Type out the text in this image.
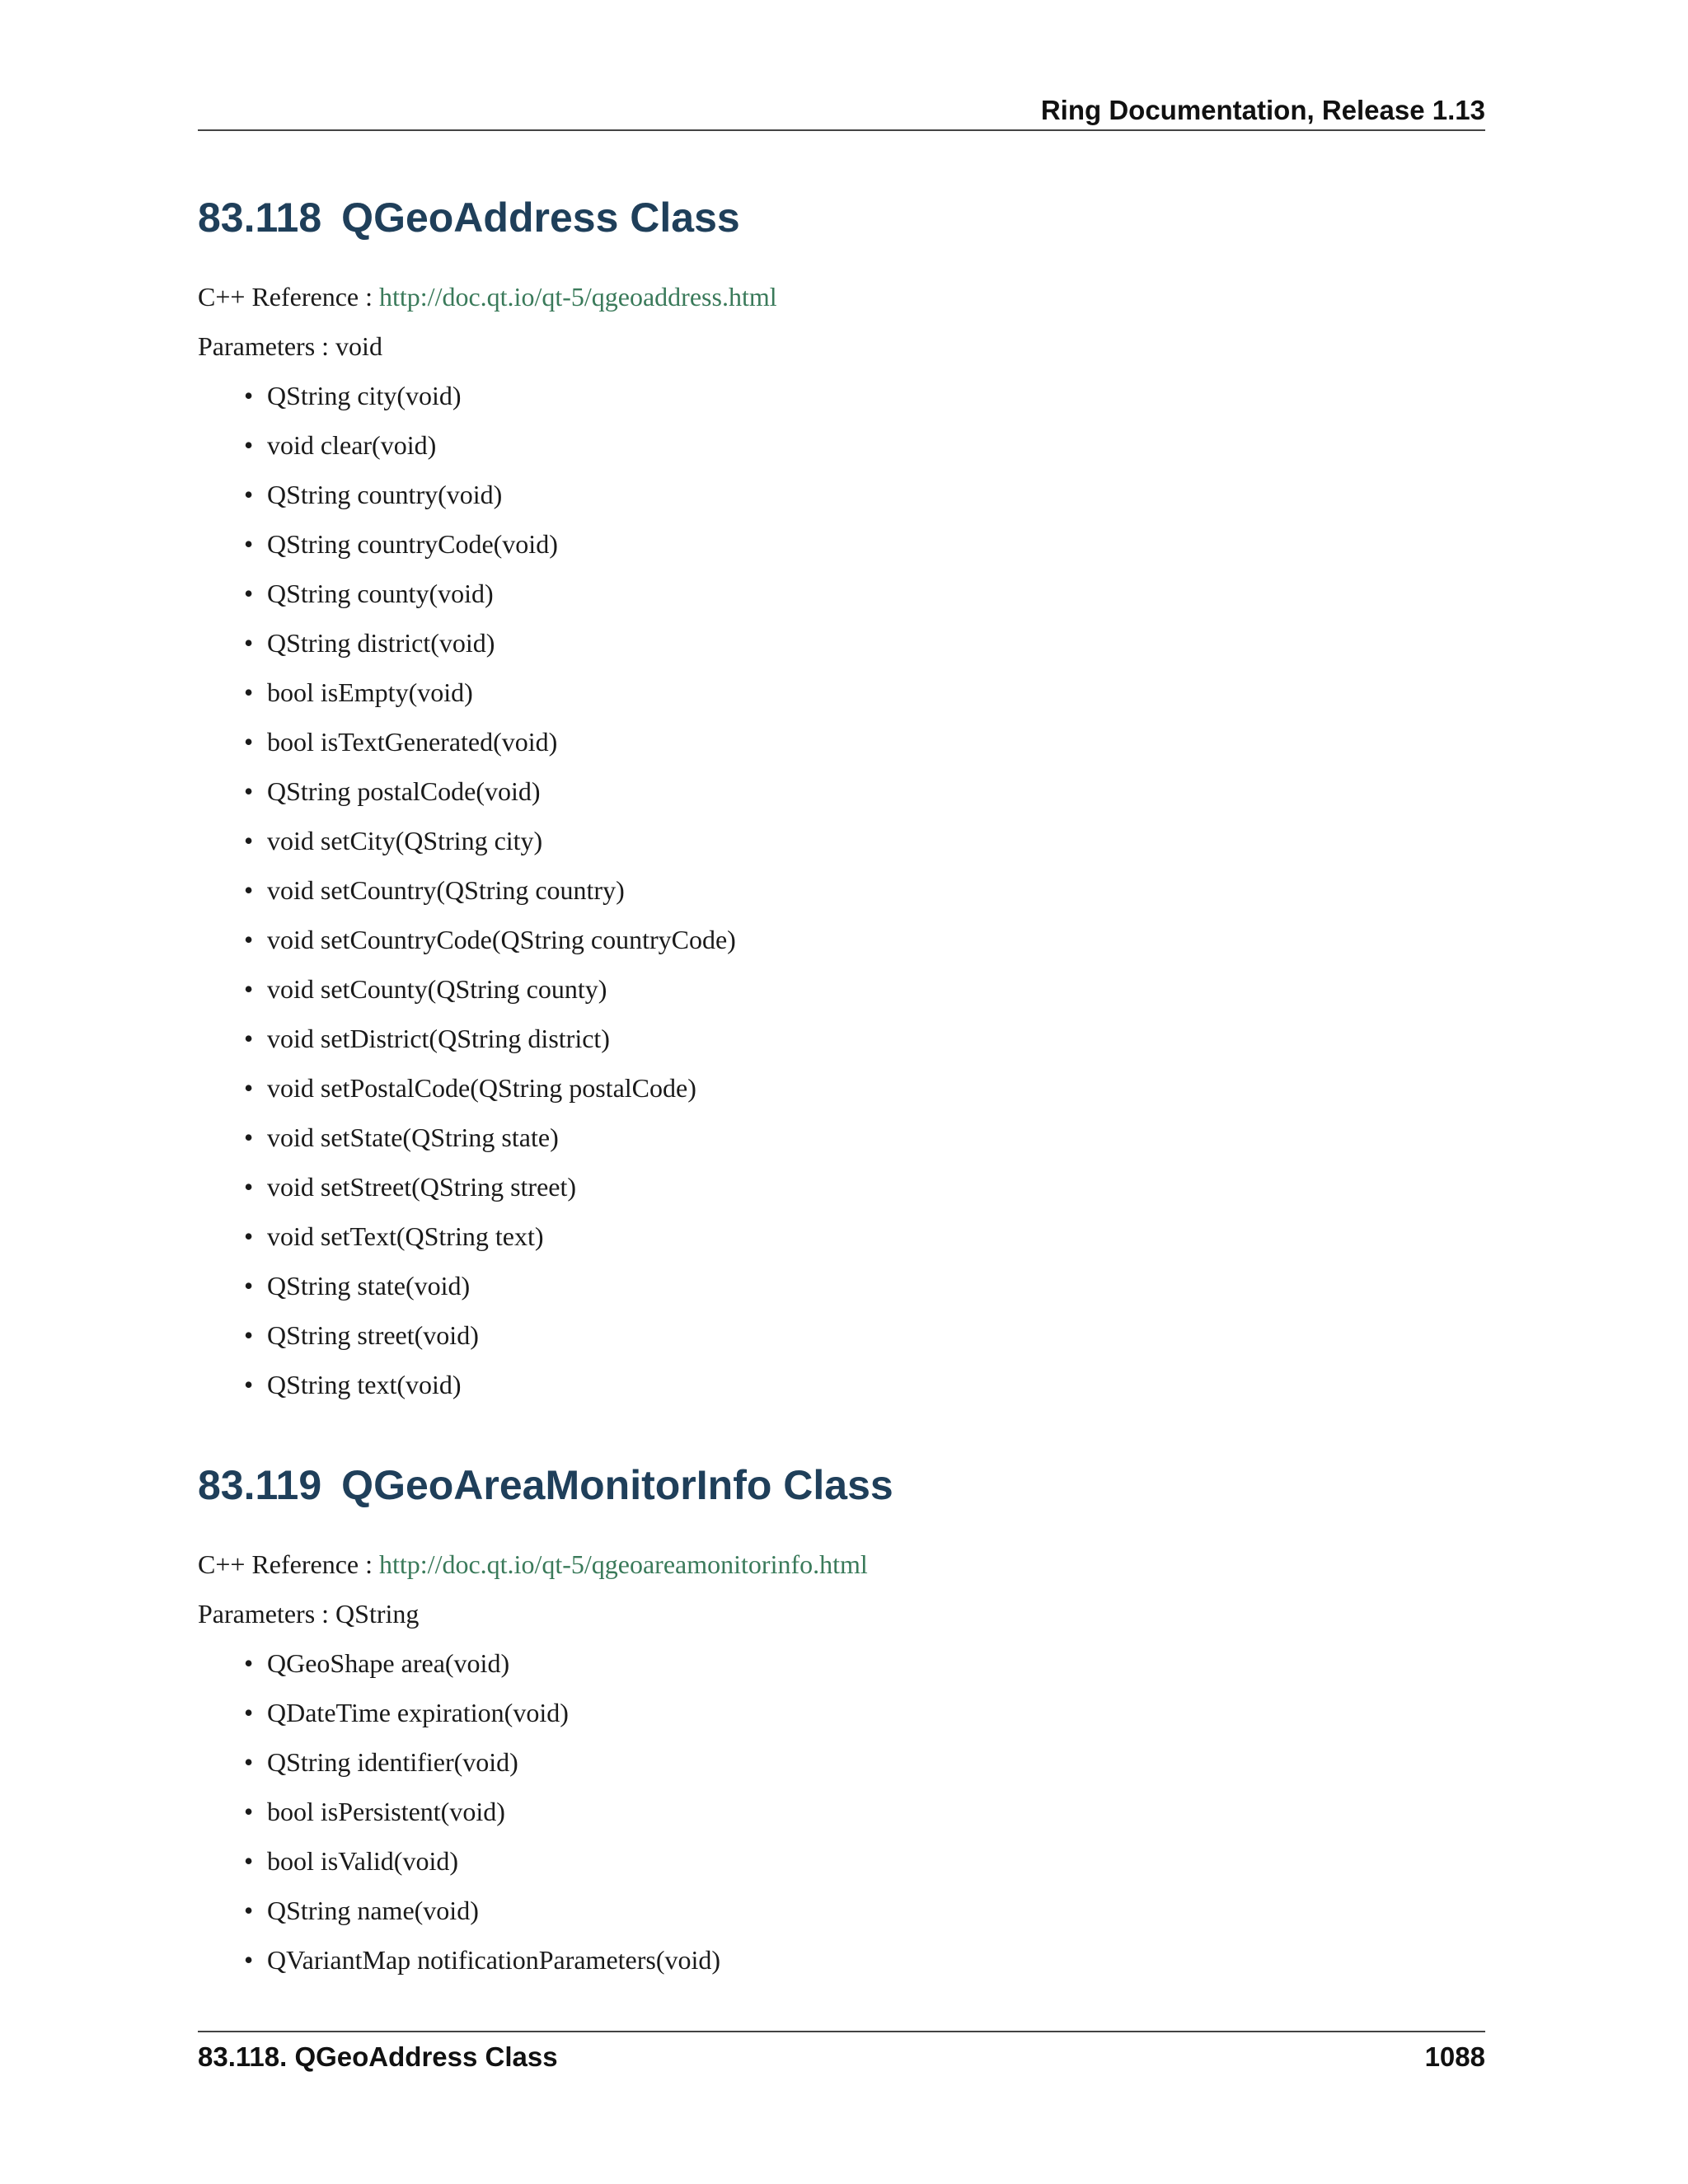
Ring Documentation, Release 1.13
83.118 QGeoAddress Class

C++ Reference : http://doc.qt.io/qt-5/qgeoaddress.html

Parameters : void

• QString city(void)
• void clear(void)
• QString country(void)
• QString countryCode(void)
• QString county(void)
• QString district(void)
• bool isEmpty(void)
• bool isTextGenerated(void)
• QString postalCode(void)
• void setCity(QString city)
• void setCountry(QString country)
• void setCountryCode(QString countryCode)
• void setCounty(QString county)
• void setDistrict(QString district)
• void setPostalCode(QString postalCode)
• void setState(QString state)
• void setStreet(QString street)
• void setText(QString text)
• QString state(void)
• QString street(void)
• QString text(void)
83.119 QGeoAreaMonitorInfo Class

C++ Reference : http://doc.qt.io/qt-5/qgeoareamonitorinfo.html

Parameters : QString

• QGeoShape area(void)
• QDateTime expiration(void)
• QString identifier(void)
• bool isPersistent(void)
• bool isValid(void)
• QString name(void)
• QVariantMap notificationParameters(void)
83.118. QGeoAddress Class	1088
